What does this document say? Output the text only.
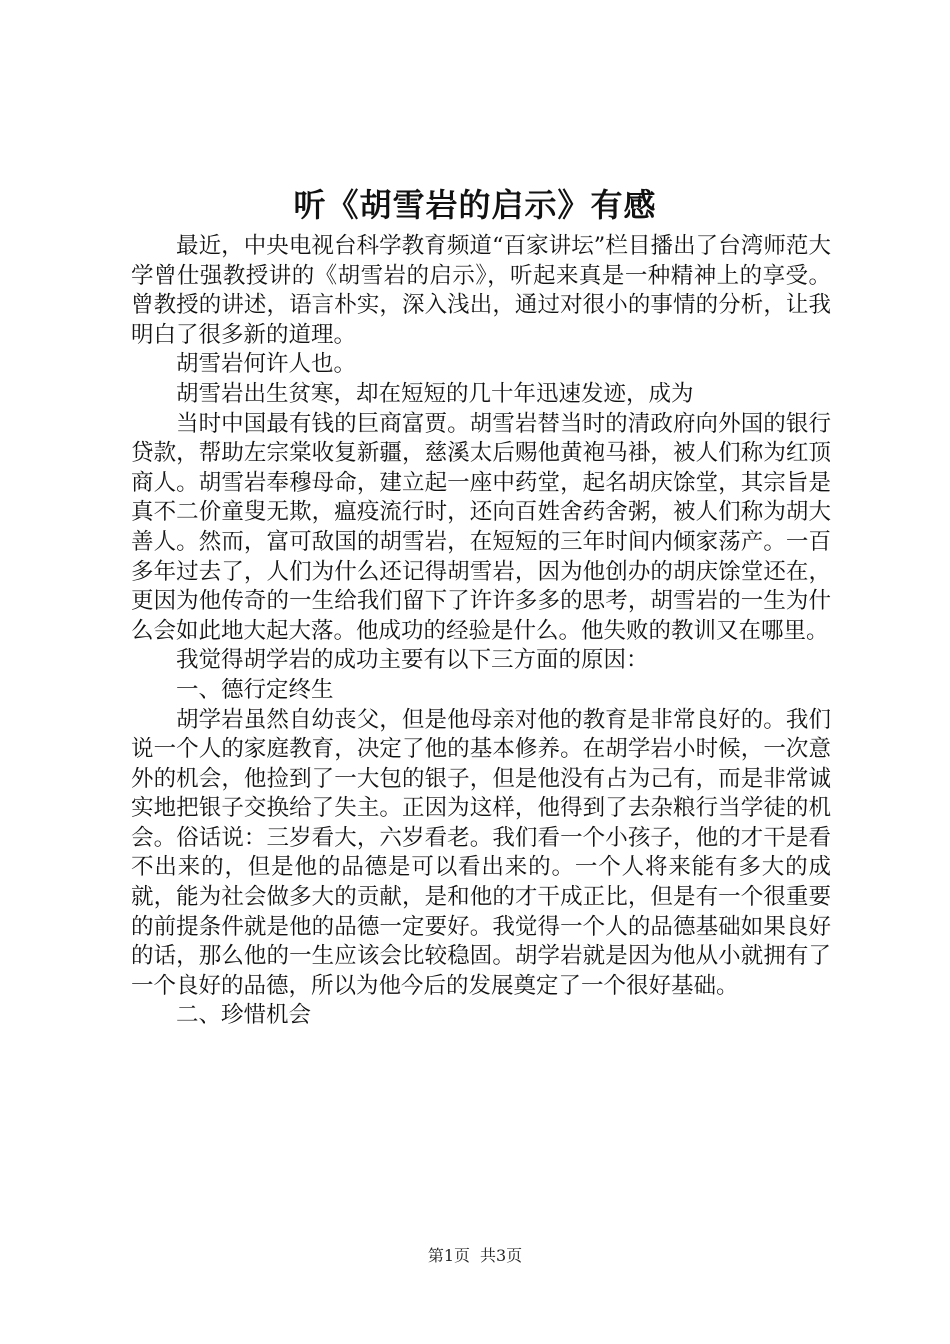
听《胡雪岩的启示》有感

最近，中央电视台科学教育频道“百家讲坛”栏目播出了台湾师范大学曾仕强教授讲的《胡雪岩的启示》，听起来真是一种精神上的享受。曾教授的讲述，语言朴实，深入浅出，通过对很小的事情的分析，让我明白了很多新的道理。

胡雪岩何许人也。

胡雪岩出生贫寒，却在短短的几十年迅速发迹，成为

当时中国最有钱的巨商富贾。胡雪岩替当时的清政府向外国的银行贷款，帮助左宗棠收复新疆，慈溪太后赐他黄袍马褂，被人们称为红顶商人。胡雪岩奉穆母命，建立起一座中药堂，起名胡庆馀堂，其宗旨是真不二价童叟无欺，瘟疫流行时，还向百姓舍药舍粥，被人们称为胡大善人。然而，富可敌国的胡雪岩，在短短的三年时间内倾家荡产。一百多年过去了，人们为什么还记得胡雪岩，因为他创办的胡庆馀堂还在，更因为他传奇的一生给我们留下了许许多多的思考，胡雪岩的一生为什么会如此地大起大落。他成功的经验是什么。他失败的教训又在哪里。

我觉得胡学岩的成功主要有以下三方面的原因：

一、德行定终生

胡学岩虽然自幼丧父，但是他母亲对他的教育是非常良好的。我们说一个人的家庭教育，决定了他的基本修养。在胡学岩小时候，一次意外的机会，他捡到了一大包的银子，但是他没有占为己有，而是非常诚实地把银子交换给了失主。正因为这样，他得到了去杂粮行当学徒的机会。俗话说：三岁看大，六岁看老。我们看一个小孩子，他的才干是看不出来的，但是他的品德是可以看出来的。一个人将来能有多大的成就，能为社会做多大的贡献，是和他的才干成正比，但是有一个很重要的前提条件就是他的品德一定要好。我觉得一个人的品德基础如果良好的话，那么他的一生应该会比较稳固。胡学岩就是因为他从小就拥有了一个良好的品德，所以为他今后的发展奠定了一个很好基础。

二、珍惜机会

第1页 共3页
